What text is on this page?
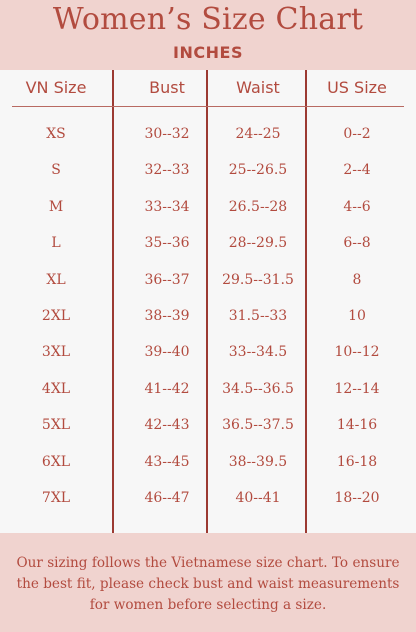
Women’s Size Chart
INCHES
VN Size	Bust	Waist	US Size
XS	30--32	24--25	0--2
S	32--33	25--26.5	2--4
M	33--34	26.5--28	4--6
L	35--36	28--29.5	6--8
XL	36--37	29.5--31.5	8
2XL	38--39	31.5--33	10
3XL	39--40	33--34.5	10--12
4XL	41--42	34.5--36.5	12--14
5XL	42--43	36.5--37.5	14-16
6XL	43--45	38--39.5	16-18
7XL	46--47	40--41	18--20
Our sizing follows the Vietnamese size chart. To ensure
the best fit, please check bust and waist measurements
for women before selecting a size.
